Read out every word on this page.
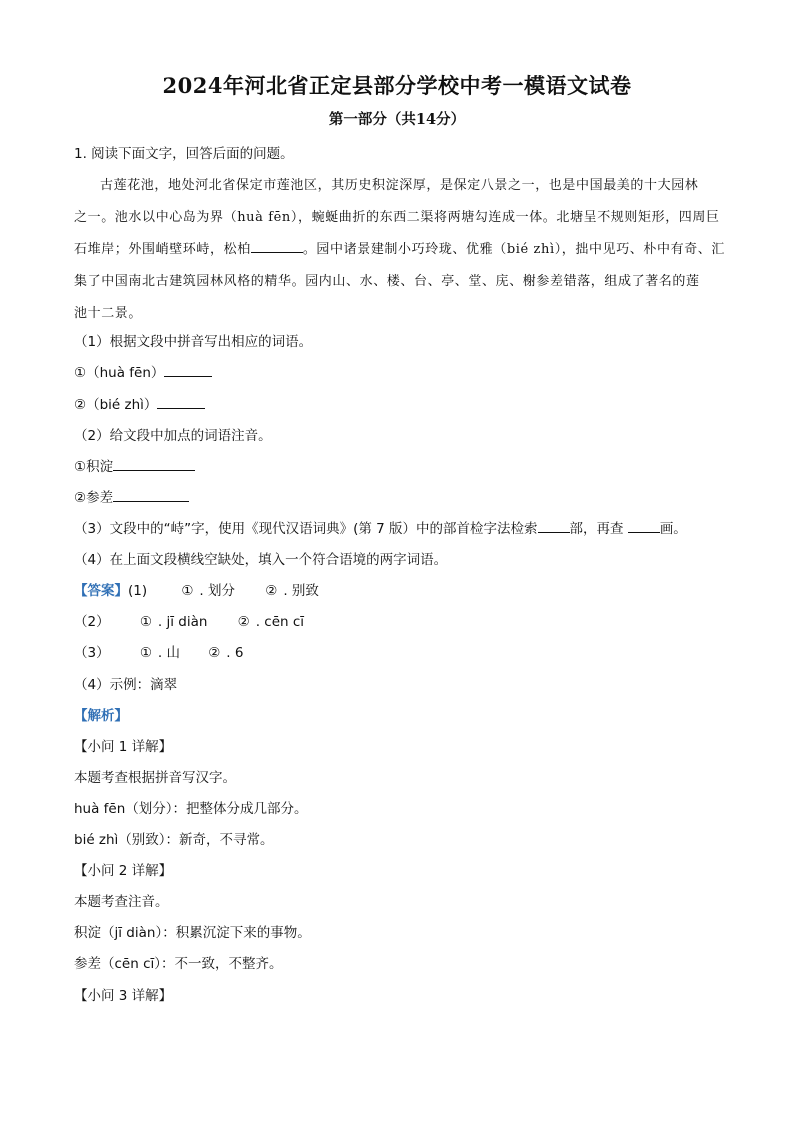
2024年河北省正定县部分学校中考一模语文试卷
第一部分（共14分）
1. 阅读下面文字，回答后面的问题。
古莲花池，地处河北省保定市莲池区，其历史积淀深厚，是保定八景之一，也是中国最美的十大园林
之一。池水以中心岛为界（huà fēn），蜿蜒曲折的东西二渠将两塘勾连成一体。北塘呈不规则矩形，四周巨
石堆岸；外围峭壁环峙，松柏	。园中诸景建制小巧玲珑、优雅（bié zhì），拙中见巧、朴中有奇、汇
集了中国南北古建筑园林风格的精华。园内山、水、楼、台、亭、堂、庑、榭参差错落，组成了著名的莲
池十二景。
（1）根据文段中拼音写出相应的词语。
①（huà fēn）
②（bié zhì）
（2）给文段中加点的词语注音。
①积淀
②参差
（3）文段中的“峙”字，使用《现代汉语词典》(第 7 版）中的部首检字法检索 部，再查 画。
（4）在上面文段横线空缺处，填入一个符合语境的两字词语。
【答案】(1)	① . 划分 ② . 别致
（2） ① . jī diàn ② . cēn cī
（3） ① . 山 ② . 6
（4）示例：滴翠
【解析】
【小问 1 详解】
本题考查根据拼音写汉字。
huà fēn（划分）：把整体分成几部分。
bié zhì（别致）：新奇，不寻常。
【小问 2 详解】
本题考查注音。
积淀（jī diàn）：积累沉淀下来的事物。
参差（cēn cī）：不一致，不整齐。
【小问 3 详解】
